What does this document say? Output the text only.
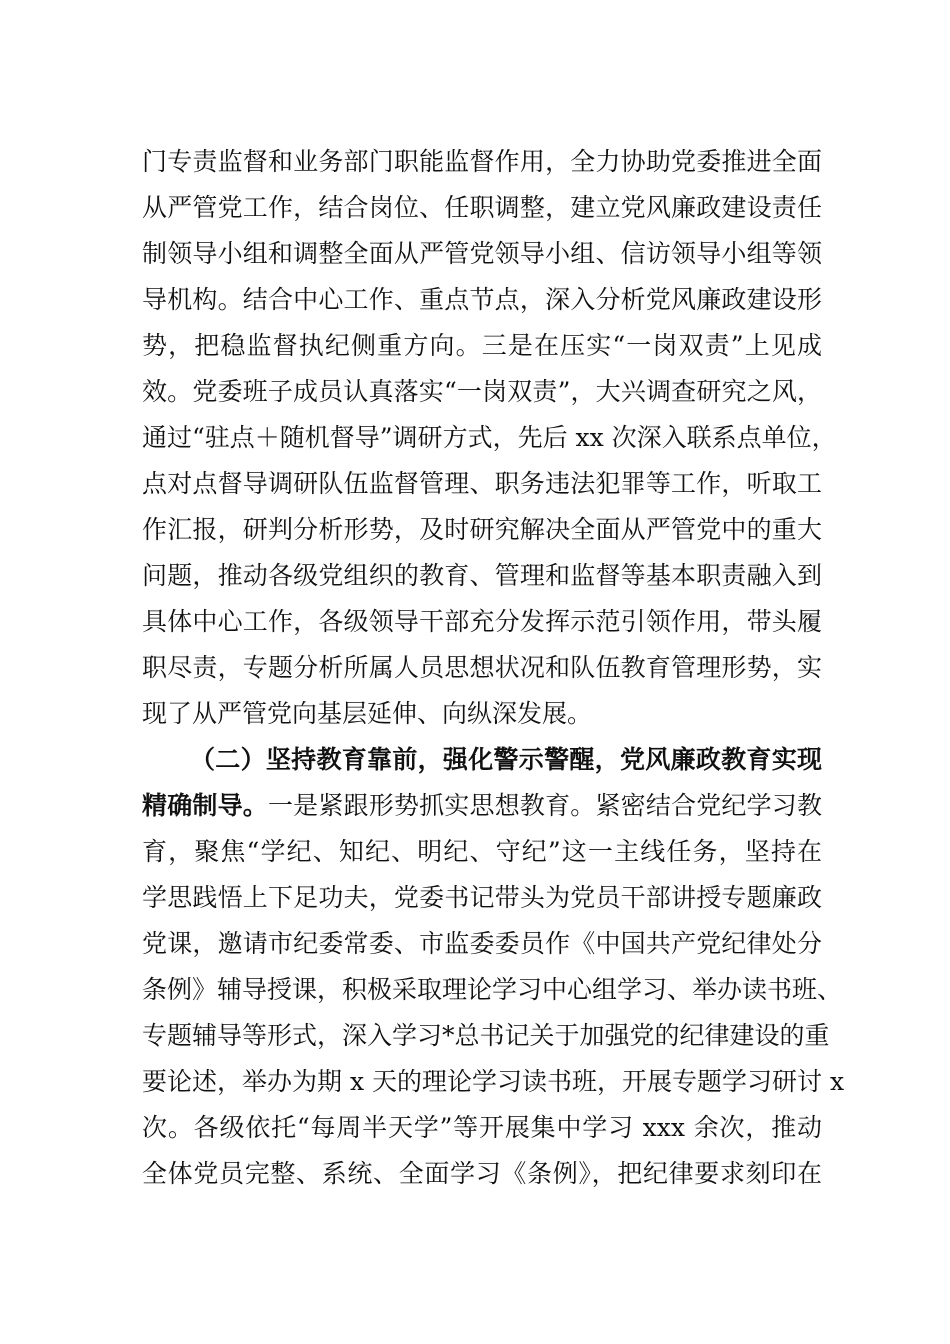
门专责监督和业务部门职能监督作用，全力协助党委推进全面
从严管党工作，结合岗位、任职调整，建立党风廉政建设责任
制领导小组和调整全面从严管党领导小组、信访领导小组等领
导机构。结合中心工作、重点节点，深入分析党风廉政建设形
势，把稳监督执纪侧重方向。三是在压实“一岗双责”上见成
效。党委班子成员认真落实“一岗双责”，大兴调查研究之风，
通过“驻点＋随机督导”调研方式，先后 xx 次深入联系点单位，
点对点督导调研队伍监督管理、职务违法犯罪等工作，听取工
作汇报，研判分析形势，及时研究解决全面从严管党中的重大
问题，推动各级党组织的教育、管理和监督等基本职责融入到
具体中心工作，各级领导干部充分发挥示范引领作用，带头履
职尽责，专题分析所属人员思想状况和队伍教育管理形势，实
现了从严管党向基层延伸、向纵深发展。
（二）坚持教育靠前，强化警示警醒，党风廉政教育实现
精确制导。一是紧跟形势抓实思想教育。紧密结合党纪学习教
育，聚焦“学纪、知纪、明纪、守纪”这一主线任务，坚持在
学思践悟上下足功夫，党委书记带头为党员干部讲授专题廉政
党课，邀请市纪委常委、市监委委员作《中国共产党纪律处分
条例》辅导授课，积极采取理论学习中心组学习、举办读书班、
专题辅导等形式，深入学习*总书记关于加强党的纪律建设的重
要论述，举办为期 x 天的理论学习读书班，开展专题学习研讨 x
次。各级依托“每周半天学”等开展集中学习 xxx 余次，推动
全体党员完整、系统、全面学习《条例》，把纪律要求刻印在
